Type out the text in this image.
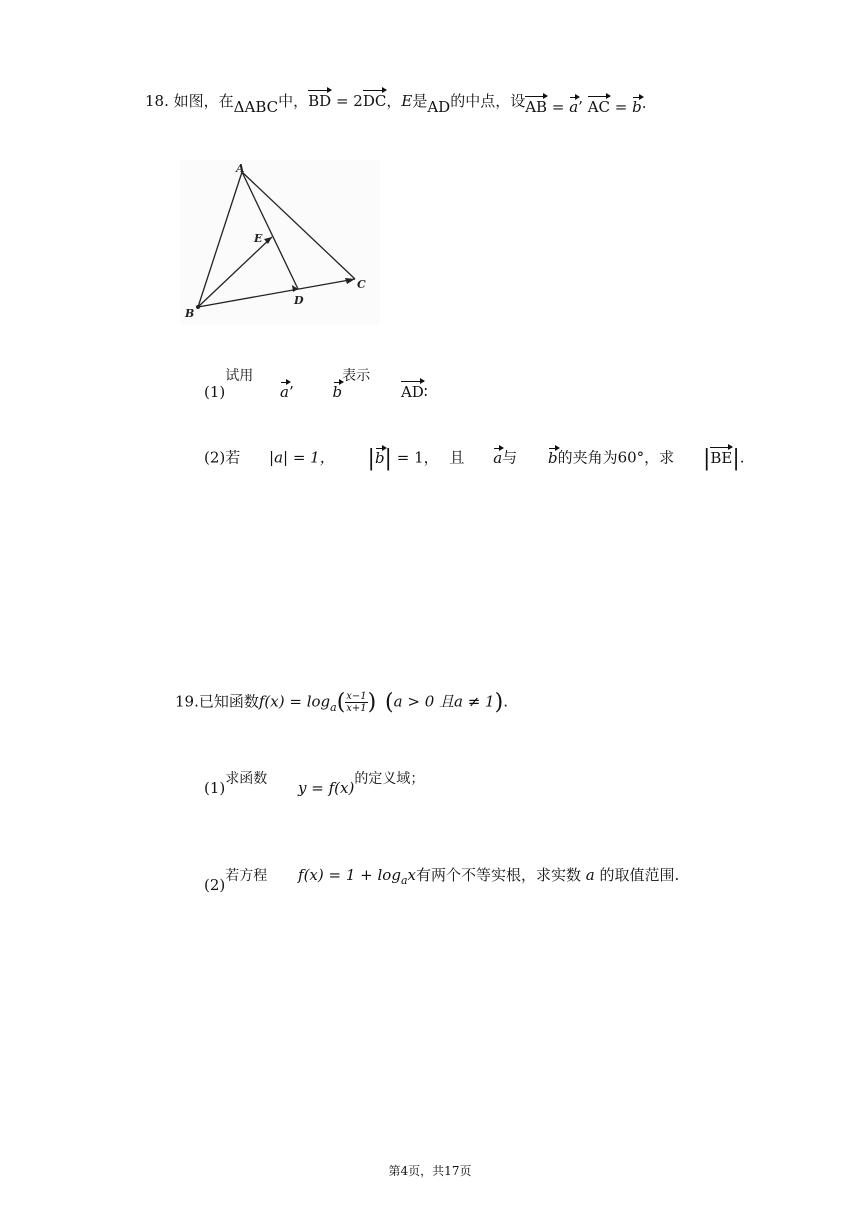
18. 如图，在ΔABC中，BD = 2DC，E是AD的中点，设AB = a’ AC = b·
A
B
C
D
E
(1)试用 a’	b表示 AD∶
(2)若 |a| = 1， |b| = 1， 且 a与 b的夹角为60°，求 |BE|.
19.已知函数$f(x) = \log_a( \frac{x-1}{x+1}$ ) (a > 0 且a ≠ 1).
(1)求函数 y = f(x)的定义域；
(2)若方程 $f(x) = 1 + \log_ax$有两个不等实根，求实数 a 的取值范围.
第4页，共17页
